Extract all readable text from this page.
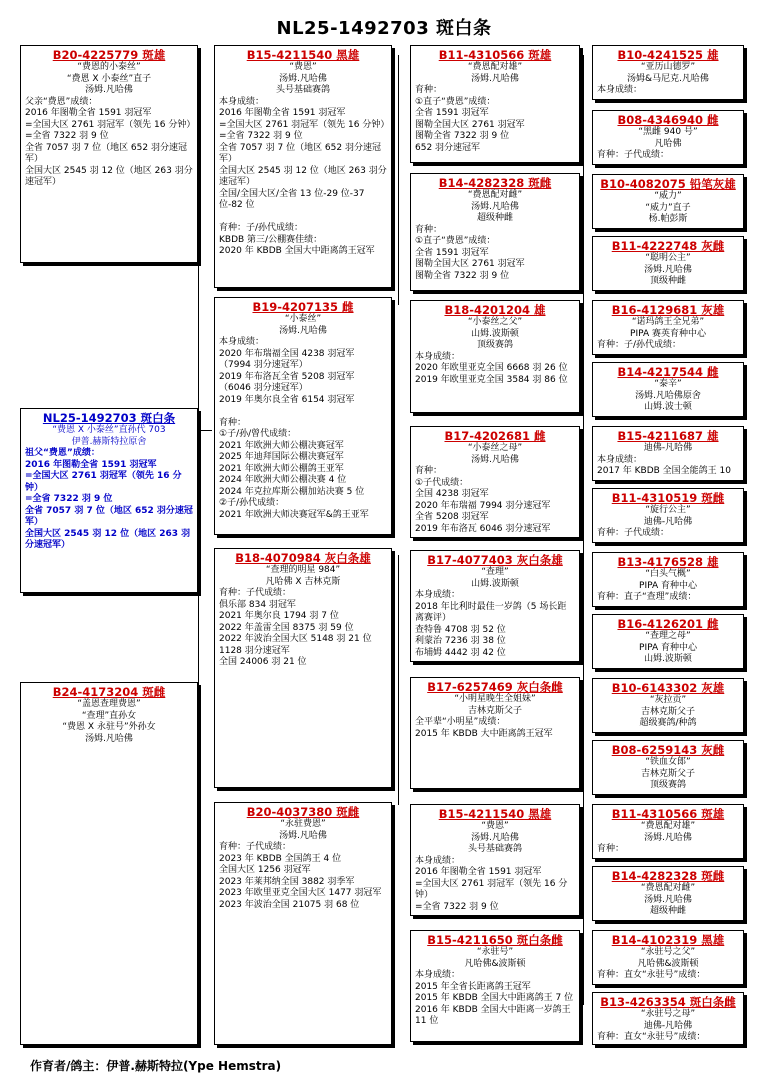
NL25-1492703 斑白条
B20-4225779 斑雄
“费恩的小泰丝”
“费恩 X 小泰丝”直子
汤姆.凡哈佛
父亲“费恩”成绩：
2016 年图勒全省 1591 羽冠军
=全国大区 2761 羽冠军（领先 16 分钟）
=全省 7322 羽 9 位
全省 7057 羽 7 位（地区 652 羽分速冠军）
全国大区 2545 羽 12 位（地区 263 羽分速冠军）
NL25-1492703 斑白条
“费恩 X 小泰丝”直孙代 703
伊普.赫斯特拉原舍
祖父“费恩”成绩：
2016 年图勒全省 1591 羽冠军
=全国大区 2761 羽冠军（领先 16 分钟）
=全省 7322 羽 9 位
全省 7057 羽 7 位（地区 652 羽分速冠军）
全国大区 2545 羽 12 位（地区 263 羽分速冠军）
B24-4173204 斑雌
“盖恩查理费恩”
“查理”直孙女
“费恩 X 永驻号”外孙女
汤姆.凡哈佛
B15-4211540 黑雄
“费恩”
汤姆.凡哈佛
头号基础赛鸽
本身成绩：
2016 年图勒全省 1591 羽冠军
=全国大区 2761 羽冠军（领先 16 分钟）
=全省 7322 羽 9 位
全省 7057 羽 7 位（地区 652 羽分速冠军）
全国大区 2545 羽 12 位（地区 263 羽分速冠军）
全国/全国大区/全省 13 位-29 位-37 位-82 位

育种：子/孙代成绩：
KBDB 第三/公棚赛佳绩：
2020 年 KBDB 全国大中距离鸽王冠军
B19-4207135 雌
“小泰丝”
汤姆.凡哈佛
本身成绩：
2020 年布瑞福全国 4238 羽冠军
（7994 羽分速冠军）
2019 年布洛瓦全省 5208 羽冠军
（6046 羽分速冠军）
2019 年奥尔良全省 6154 羽冠军

育种：
①子/孙/曾代成绩：
2021 年欧洲大师公棚决赛冠军
2025 年迪拜国际公棚决赛冠军
2021 年欧洲大师公棚鸽王亚军
2024 年欧洲大师公棚决赛 4 位
2024 年克拉库斯公棚加站决赛 5 位
②子/孙代成绩：
2021 年欧洲大师决赛冠军&鸽王亚军
B18-4070984 灰白条雄
“查理的明星 984”
凡哈佛 X 吉林克斯
育种：子代成绩：
俱乐部 834 羽冠军
2021 年奥尔良 1794 羽 7 位
2022 年盖雷全国 8375 羽 59 位
2022 年波治全国大区 5148 羽 21 位
1128 羽分速冠军
全国 24006 羽 21 位
B20-4037380 斑雌
“永驻费恩”
汤姆.凡哈佛
育种：子代成绩：
2023 年 KBDB 全国鸽王 4 位
全国大区 1256 羽冠军
2023 年莱邦纳全国 3882 羽季军
2023 年欧里亚克全国大区 1477 羽冠军
2023 年波治全国 21075 羽 68 位
B11-4310566 斑雄
“费恩配对雄”
汤姆.凡哈佛
育种：
①直子“费恩”成绩：
全省 1591 羽冠军
图勒全国大区 2761 羽冠军
图勒全省 7322 羽 9 位
652 羽分速冠军
B14-4282328 斑雌
“费恩配对雌”
汤姆.凡哈佛
超级种雌
育种：
①直子“费恩”成绩：
全省 1591 羽冠军
图勒全国大区 2761 羽冠军
图勒全省 7322 羽 9 位
B18-4201204 雄
“小泰丝之父”
山姆.波斯顿
顶级赛鸽
本身成绩：
2020 年欧里亚克全国 6668 羽 26 位
2019 年欧里亚克全国 3584 羽 86 位
B17-4202681 雌
“小泰丝之母”
汤姆.凡哈佛
育种：
①子代成绩：
全国 4238 羽冠军
2020 年布瑞福 7994 羽分速冠军
全省 5208 羽冠军
2019 年布洛瓦 6046 羽分速冠军
B17-4077403 灰白条雄
“查理”
山姆.波斯顿
本身成绩：
2018 年比利时最佳一岁鸽（5 场长距离赛评）
查特鲁 4708 羽 52 位
利蒙治 7236 羽 38 位
布埔姆 4442 羽 42 位
B17-6257469 灰白条雌
“小明星晚生全姐妹”
吉林克斯父子
全平辈“小明星”成绩：
2015 年 KBDB 大中距离鸽王冠军
B15-4211540 黑雄
“费恩”
汤姆.凡哈佛
头号基础赛鸽
本身成绩：
2016 年图勒全省 1591 羽冠军
=全国大区 2761 羽冠军（领先 16 分钟）
=全省 7322 羽 9 位
B15-4211650 斑白条雌
“永驻号”
凡哈佛&波斯顿
本身成绩：
2015 年全省长距离鸽王冠军
2015 年 KBDB 全国大中距离鸽王 7 位
2016 年 KBDB 全国大中距离一岁鸽王 11 位
B10-4241525 雄
“亚历山德罗”
汤姆&马尼克.凡哈佛
本身成绩：
B08-4346940 雌
“黑雌 940 号”
凡哈佛
育种：子代成绩：
B10-4082075 铅笔灰雄
“威力”
“威力”直子
杨.帕彭斯
B11-4222748 灰雌
“聪明公主”
汤姆.凡哈佛
顶级种雌
B16-4129681 灰雄
“诺玛鸽王全兄弟”
PIPA 赛英育种中心
育种：子/孙代成绩：
B14-4217544 雌
“泰辛”
汤姆.凡哈佛原舍
山姆.波士顿
B15-4211687 雄
迪佛-凡哈佛
本身成绩：
2017 年 KBDB 全国全能鸽王 10
B11-4310519 斑雌
“旋行公主”
迪佛-凡哈佛
育种：子代成绩：
B13-4176528 雄
“白头气概”
PIPA 育种中心
育种：直子“查理”成绩：
B16-4126201 雌
“查理之母”
PIPA 育种中心
山姆.波斯顿
B10-6143302 灰雄
“灰拉贡”
吉林克斯父子
超级赛鸽/种鸽
B08-6259143 灰雌
“铁血女郎”
吉林克斯父子
顶级赛鸽
B11-4310566 斑雄
“费恩配对雄”
汤姆.凡哈佛
育种：
B14-4282328 斑雌
“费恩配对雌”
汤姆.凡哈佛
超级种雌
B14-4102319 黑雄
“永驻号之父”
凡哈佛&波斯顿
育种：直女“永驻号”成绩：
B13-4263354 斑白条雌
“永驻号之母”
迪佛-凡哈佛
育种：直女“永驻号”成绩：
作育者/鸽主：伊普.赫斯特拉(Ype Hemstra)
